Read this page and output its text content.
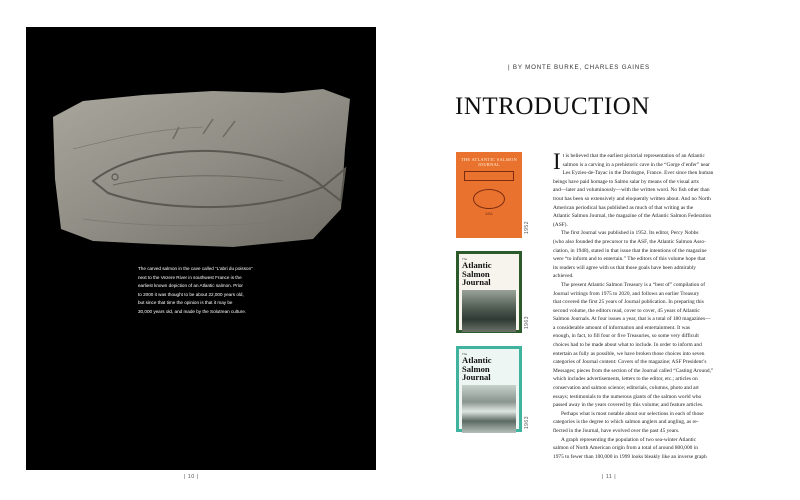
The carved salmon in the cave called “L’abri du poisson”
next to the Vezere River in southwest France is the
earliest known depiction of an Atlantic salmon. Prior
to 2000 it was thought to be about 22,000 years old,
but since that time the opinion is that it may be
30,000 years old, and made by the Solutrean culture.
| 10 |
| BY MONTE BURKE, CHARLES GAINES
INTRODUCTION
THE ATLANTIC SALMON
JOURNAL
ASA
1952
The
Atlantic Salmon
Journal
1963
The
Atlantic Salmon
Journal
1963
I t is believed that the earliest pictorial representation of an Atlantic
salmon is a carving in a prehistoric cave in the “Gorge d’enfer” near
Les Eyzies-de-Tayac in the Dordogne, France. Ever since then human
beings have paid homage to Salmo salar by means of the visual arts
and—later and voluminously—with the written word. No fish other than
trout has been so extensively and eloquently written about. And no North
American periodical has published as much of that writing as the
Atlantic Salmon Journal, the magazine of the Atlantic Salmon Federation
(ASF).
The first Journal was published in 1952. Its editor, Percy Nobbs
(who also founded the precursor to the ASF, the Atlantic Salmon Asso-
ciation, in 1948), stated in that issue that the intentions of the magazine
were “to inform and to entertain.” The editors of this volume hope that
its readers will agree with us that those goals have been admirably
achieved.
The present Atlantic Salmon Treasury is a “best of” compilation of
Journal writings from 1975 to 2020, and follows an earlier Treasury
that covered the first 25 years of Journal publication. In preparing this
second volume, the editors read, cover to cover, 45 years of Atlantic
Salmon Journals. At four issues a year, that is a total of 180 magazines—
a considerable amount of information and entertainment. It was
enough, in fact, to fill four or five Treasuries, so some very difficult
choices had to be made about what to include. In order to inform and
entertain as fully as possible, we have broken those choices into seven
categories of Journal content: Covers of the magazine; ASF President’s
Messages; pieces from the section of the Journal called “Casting Around,”
which includes advertisements, letters to the editor, etc.; articles on
conservation and salmon science; editorials, columns, photo and art
essays; testimonials to the numerous giants of the salmon world who
passed away in the years covered by this volume; and feature articles.
Perhaps what is most notable about our selections in each of those
categories is the degree to which salmon anglers and angling, as re-
flected in the Journal, have evolved over the past 45 years.
A graph representing the population of two sea-winter Atlantic
salmon of North American origin from a total of around 800,000 in
1975 to fewer than 100,000 in 1999 looks bleakly like an inverse graph
| 11 |
